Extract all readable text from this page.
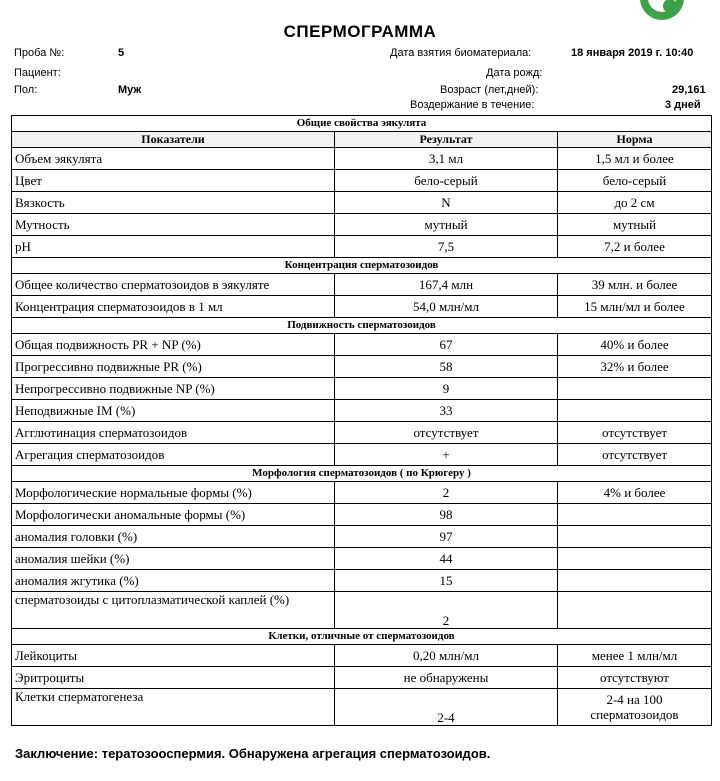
СПЕРМОГРАММА
Проба №:	5
Пациент:
Пол:	Муж
Дата взятия биоматериала:	18 января 2019 г. 10:40
Дата рожд:
Возраст (лет,дней):	29,161
Воздержание в течение:	3 дней
Общие свойства эякулята		
Показатели	Результат	Норма
Объем эякулята	3,1 мл	1,5 мл и более
Цвет	бело-серый	бело-серый
Вязкость	N	до 2 см
Мутность	мутный	мутный
pH	7,5	7,2 и более
Концентрация сперматозоидов		
Общее количество сперматозоидов в эякуляте	167,4 млн	39 млн. и более
Концентрация сперматозоидов в 1 мл	54,0 млн/мл	15 млн/мл и более
Подвижность сперматозоидов		
Общая подвижность PR + NP (%)	67	40% и более
Прогрессивно подвижные PR (%)	58	32% и более
Непрогрессивно подвижные NP (%)	9	
Неподвижные IM (%)	33	
Агглютинация сперматозоидов	отсутствует	отсутствует
Агрегация сперматозоидов	+	отсутствует
Морфология сперматозоидов ( по Крюгеру )		
Морфологические нормальные формы (%)	2	4% и более
Морфологически аномальные формы (%)	98	
аномалия головки (%)	97	
аномалия шейки (%)	44	
аномалия жгутика (%)	15	
сперматозоиды с цитоплазматической каплей (%)	2	
Клетки, отличные от сперматозоидов		
Лейкоциты	0,20 млн/мл	менее 1 млн/мл
Эритроциты	не обнаружены	отсутствуют
Клетки сперматогенеза	2-4	2-4 на 100 сперматозоидов
Заключение: тератозооспермия. Обнаружена агрегация сперматозоидов.
